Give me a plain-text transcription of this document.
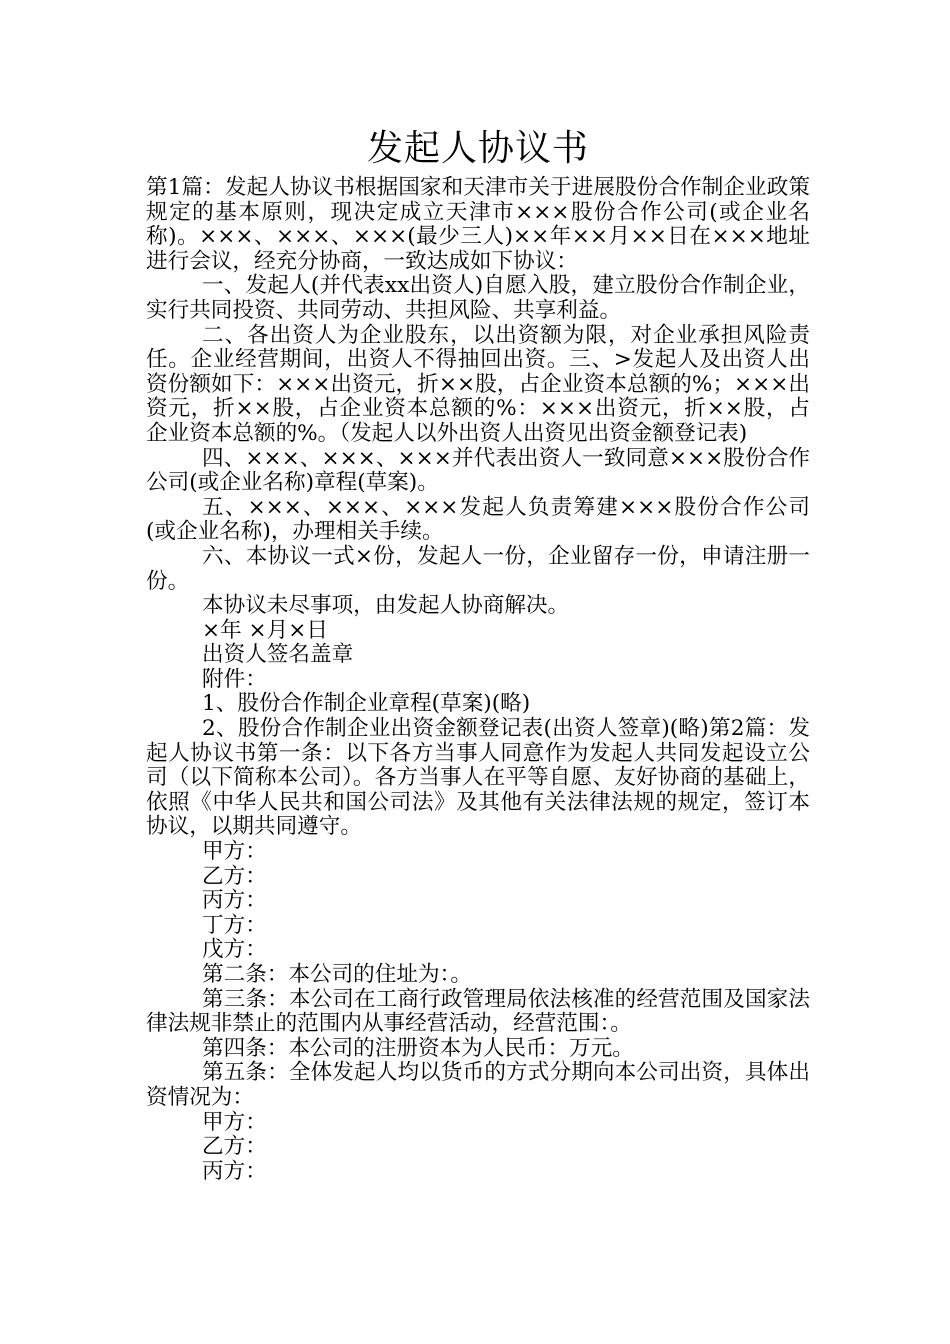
发起人协议书

第1篇：发起人协议书根据国家和天津市关于进展股份合作制企业政策规定的基本原则，现决定成立天津市×××股份合作公司(或企业名称)。×××、×××、×××(最少三人)××年××月××日在×××地址进行会议，经充分协商，一致达成如下协议：

一、发起人(并代表xx出资人)自愿入股，建立股份合作制企业，实行共同投资、共同劳动、共担风险、共享利益。

二、各出资人为企业股东，以出资额为限，对企业承担风险责任。企业经营期间，出资人不得抽回出资。三、>发起人及出资人出资份额如下：×××出资元，折××股，占企业资本总额的%；×××出资元，折××股，占企业资本总额的%：×××出资元，折××股，占企业资本总额的%。（发起人以外出资人出资见出资金额登记表)

四、×××、×××、×××并代表出资人一致同意×××股份合作公司(或企业名称)章程(草案)。

五、×××、×××、×××发起人负责筹建×××股份合作公司(或企业名称)，办理相关手续。

六、本协议一式×份，发起人一份，企业留存一份，申请注册一份。

本协议未尽事项，由发起人协商解决。

×年 ×月×日

出资人签名盖章

附件：

1、股份合作制企业章程(草案)(略)

2、股份合作制企业出资金额登记表(出资人签章)(略)第2篇：发起人协议书第一条：以下各方当事人同意作为发起人共同发起设立公司（以下简称本公司）。各方当事人在平等自愿、友好协商的基础上，依照《中华人民共和国公司法》及其他有关法律法规的规定，签订本协议，以期共同遵守。

甲方：

乙方：

丙方：

丁方：

戊方：

第二条：本公司的住址为：。

第三条：本公司在工商行政管理局依法核准的经营范围及国家法律法规非禁止的范围内从事经营活动，经营范围：。

第四条：本公司的注册资本为人民币：万元。

第五条：全体发起人均以货币的方式分期向本公司出资，具体出资情况为：

甲方：

乙方：

丙方：
